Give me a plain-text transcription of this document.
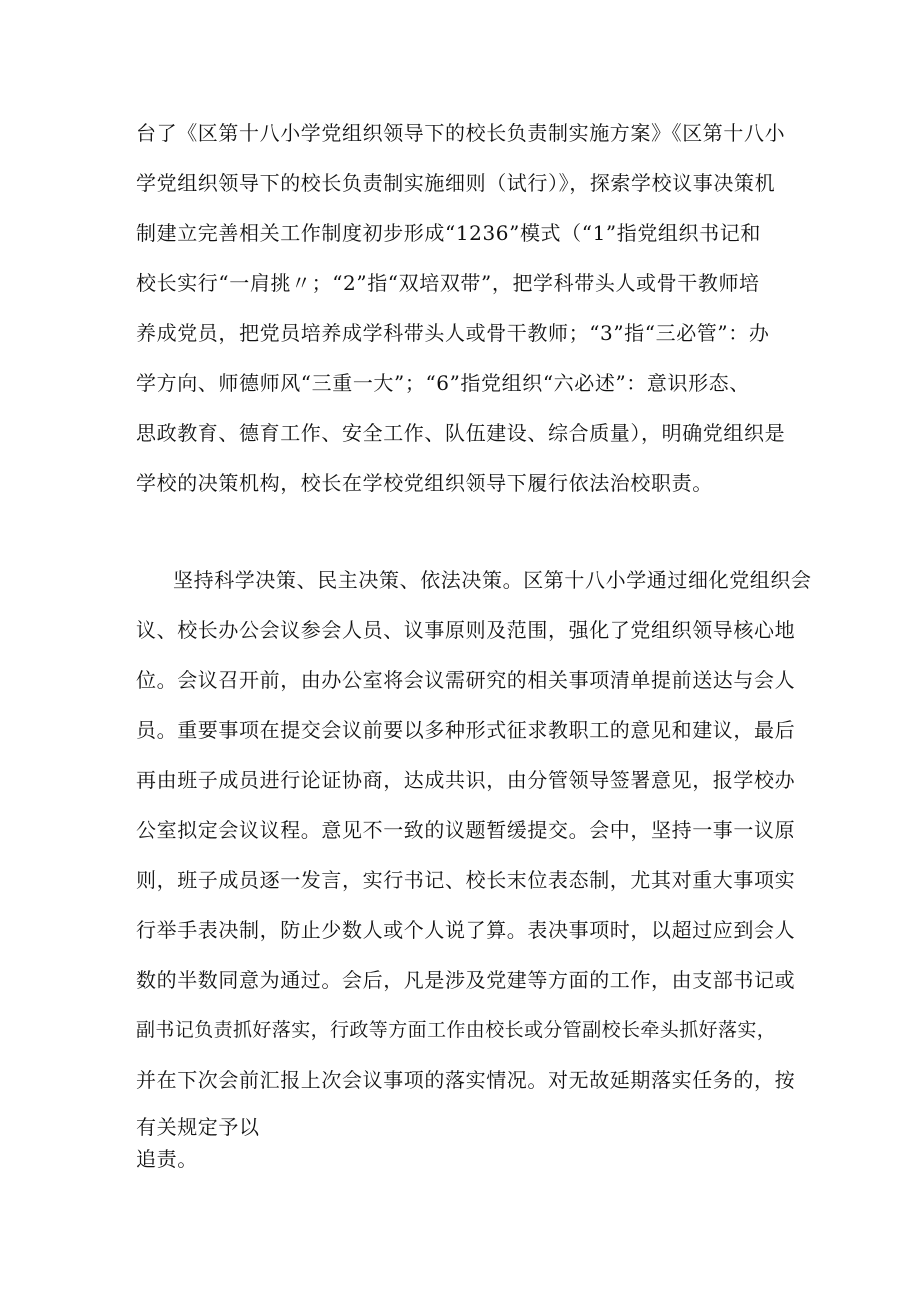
台了《区第十八小学党组织领导下的校长负责制实施方案》《区第十八小
学党组织领导下的校长负责制实施细则（试行）》，探索学校议事决策机
制建立完善相关工作制度初步形成“1236”模式（“1”指党组织书记和
校长实行“一肩挑〃；“2”指“双培双带”，把学科带头人或骨干教师培
养成党员，把党员培养成学科带头人或骨干教师；“3”指“三必管”：办
学方向、师德师风“三重一大”；“6”指党组织“六必述”：意识形态、
思政教育、德育工作、安全工作、队伍建设、综合质量），明确党组织是
学校的决策机构，校长在学校党组织领导下履行依法治校职责。
坚持科学决策、民主决策、依法决策。区第十八小学通过细化党组织会
议、校长办公会议参会人员、议事原则及范围，强化了党组织领导核心地
位。会议召开前，由办公室将会议需研究的相关事项清单提前送达与会人
员。重要事项在提交会议前要以多种形式征求教职工的意见和建议，最后
再由班子成员进行论证协商，达成共识，由分管领导签署意见，报学校办
公室拟定会议议程。意见不一致的议题暂缓提交。会中，坚持一事一议原
则，班子成员逐一发言，实行书记、校长末位表态制，尤其对重大事项实
行举手表决制，防止少数人或个人说了算。表决事项时，以超过应到会人
数的半数同意为通过。会后，凡是涉及党建等方面的工作，由支部书记或
副书记负责抓好落实，行政等方面工作由校长或分管副校长牵头抓好落实，
并在下次会前汇报上次会议事项的落实情况。对无故延期落实任务的，按
有关规定予以
追责。
